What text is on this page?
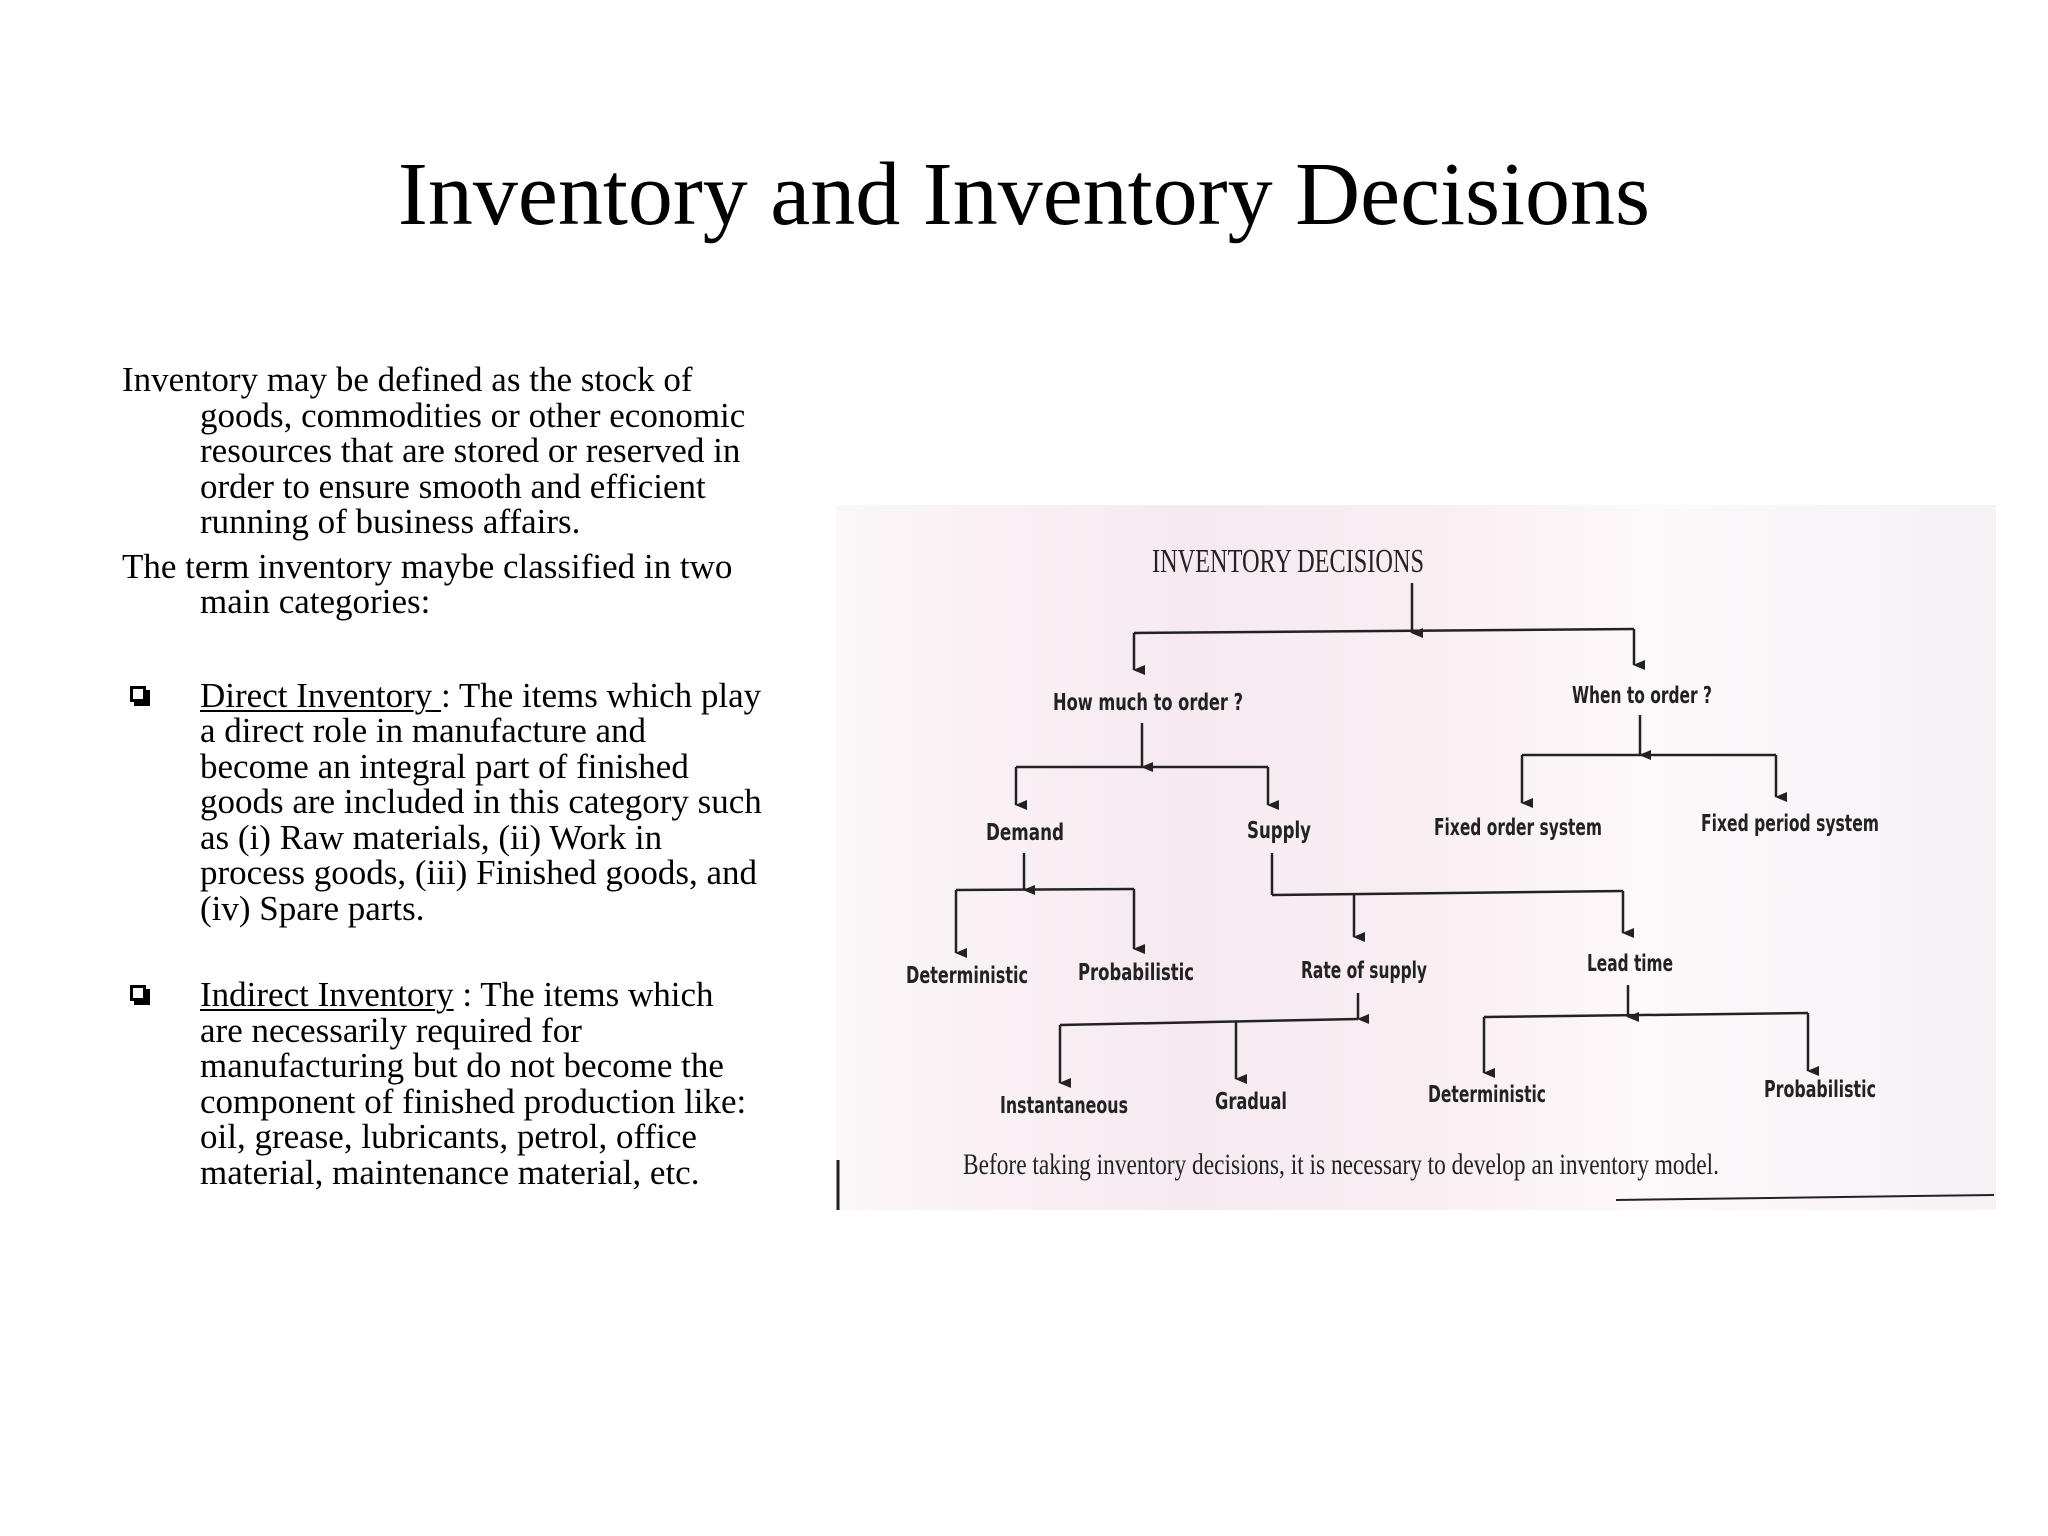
Inventory and Inventory Decisions

Inventory may be defined as the stock of goods, commodities or other economic resources that are stored or reserved in order to ensure smooth and efficient running of business affairs.

The term inventory maybe classified in two main categories:

Direct Inventory : The items which play a direct role in manufacture and become an integral part of finished goods are included in this category such as (i) Raw materials, (ii) Work in process goods, (iii) Finished goods, and (iv) Spare parts.
Indirect Inventory : The items which are necessarily required for manufacturing but do not become the component of finished production like: oil, grease, lubricants, petrol, office material, maintenance material, etc.
INVENTORY DECISIONS
How much to order ?	When to order ?
Demand	Supply	Fixed order system	Fixed period system
Deterministic Probabilistic	Rate of supply	Lead time
Instantaneous	Gradual	Deterministic	Probabilistic
Before taking inventory decisions, it is necessary to develop an inventory model.
